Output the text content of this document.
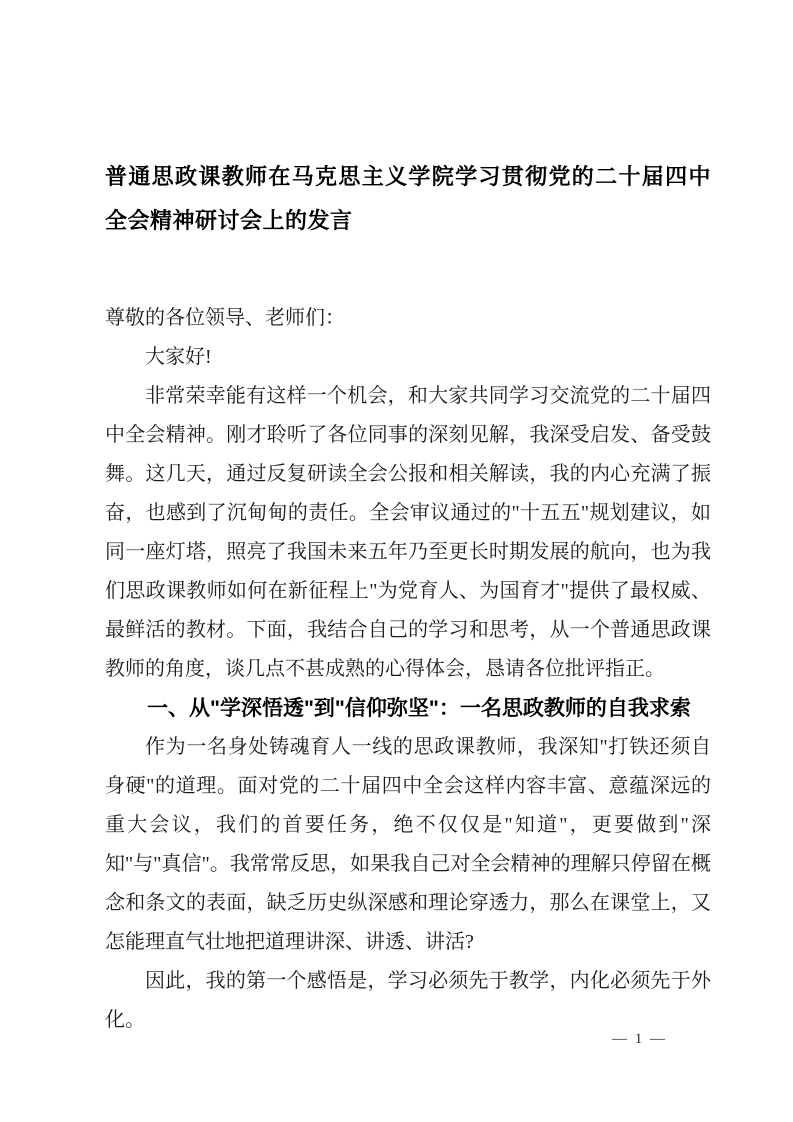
普通思政课教师在马克思主义学院学习贯彻党的二十届四中全会精神研讨会上的发言

尊敬的各位领导、老师们：

大家好!

非常荣幸能有这样一个机会，和大家共同学习交流党的二十届四中全会精神。刚才聆听了各位同事的深刻见解，我深受启发、备受鼓舞。这几天，通过反复研读全会公报和相关解读，我的内心充满了振奋，也感到了沉甸甸的责任。全会审议通过的"十五五"规划建议，如同一座灯塔，照亮了我国未来五年乃至更长时期发展的航向，也为我们思政课教师如何在新征程上"为党育人、为国育才"提供了最权威、最鲜活的教材。下面，我结合自己的学习和思考，从一个普通思政课教师的角度，谈几点不甚成熟的心得体会，恳请各位批评指正。

一、从"学深悟透"到"信仰弥坚"：一名思政教师的自我求索

作为一名身处铸魂育人一线的思政课教师，我深知"打铁还须自身硬"的道理。面对党的二十届四中全会这样内容丰富、意蕴深远的重大会议，我们的首要任务，绝不仅仅是"知道"，更要做到"深知"与"真信"。我常常反思，如果我自己对全会精神的理解只停留在概念和条文的表面，缺乏历史纵深感和理论穿透力，那么在课堂上，又怎能理直气壮地把道理讲深、讲透、讲活?

因此，我的第一个感悟是，学习必须先于教学，内化必须先于外化。

— 1 —
